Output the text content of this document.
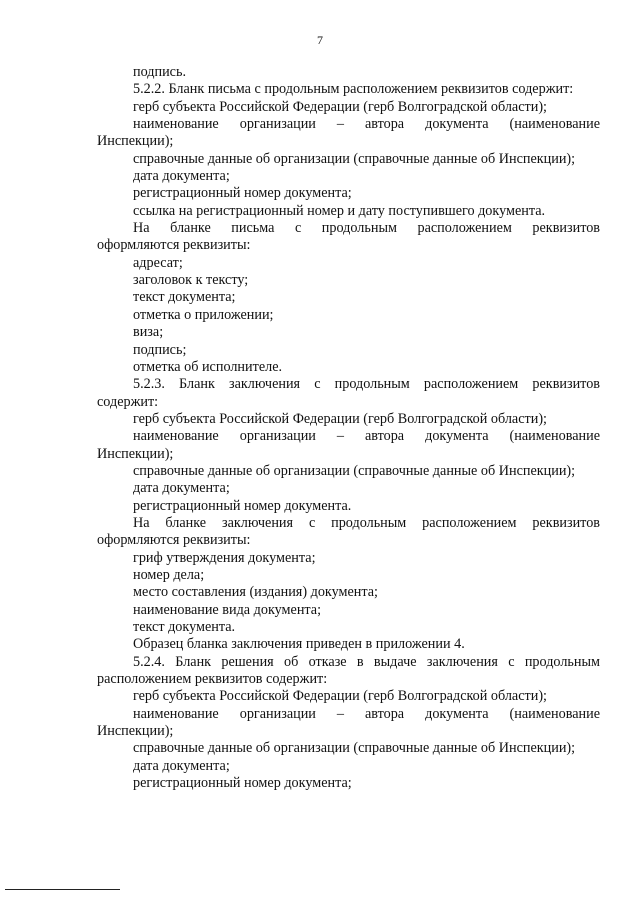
7

подпись.

5.2.2. Бланк письма с продольным расположением реквизитов содержит:

герб субъекта Российской Федерации (герб Волгоградской области);

наименование организации – автора документа (наименование

Инспекции);

справочные данные об организации (справочные данные об Инспекции);

дата документа;

регистрационный номер документа;

ссылка на регистрационный номер и дату поступившего документа.

На бланке письма с продольным расположением реквизитов

оформляются реквизиты:

адресат;

заголовок к тексту;

текст документа;

отметка о приложении;

виза;

подпись;

отметка об исполнителе.

5.2.3. Бланк заключения с продольным расположением реквизитов

содержит:

герб субъекта Российской Федерации (герб Волгоградской области);

наименование организации – автора документа (наименование

Инспекции);

справочные данные об организации (справочные данные об Инспекции);

дата документа;

регистрационный номер документа.

На бланке заключения с продольным расположением реквизитов

оформляются реквизиты:

гриф утверждения документа;

номер дела;

место составления (издания) документа;

наименование вида документа;

текст документа.

Образец бланка заключения приведен в приложении 4.

5.2.4. Бланк решения об отказе в выдаче заключения с продольным

расположением реквизитов содержит:

герб субъекта Российской Федерации (герб Волгоградской области);

наименование организации – автора документа (наименование

Инспекции);

справочные данные об организации (справочные данные об Инспекции);

дата документа;

регистрационный номер документа;
